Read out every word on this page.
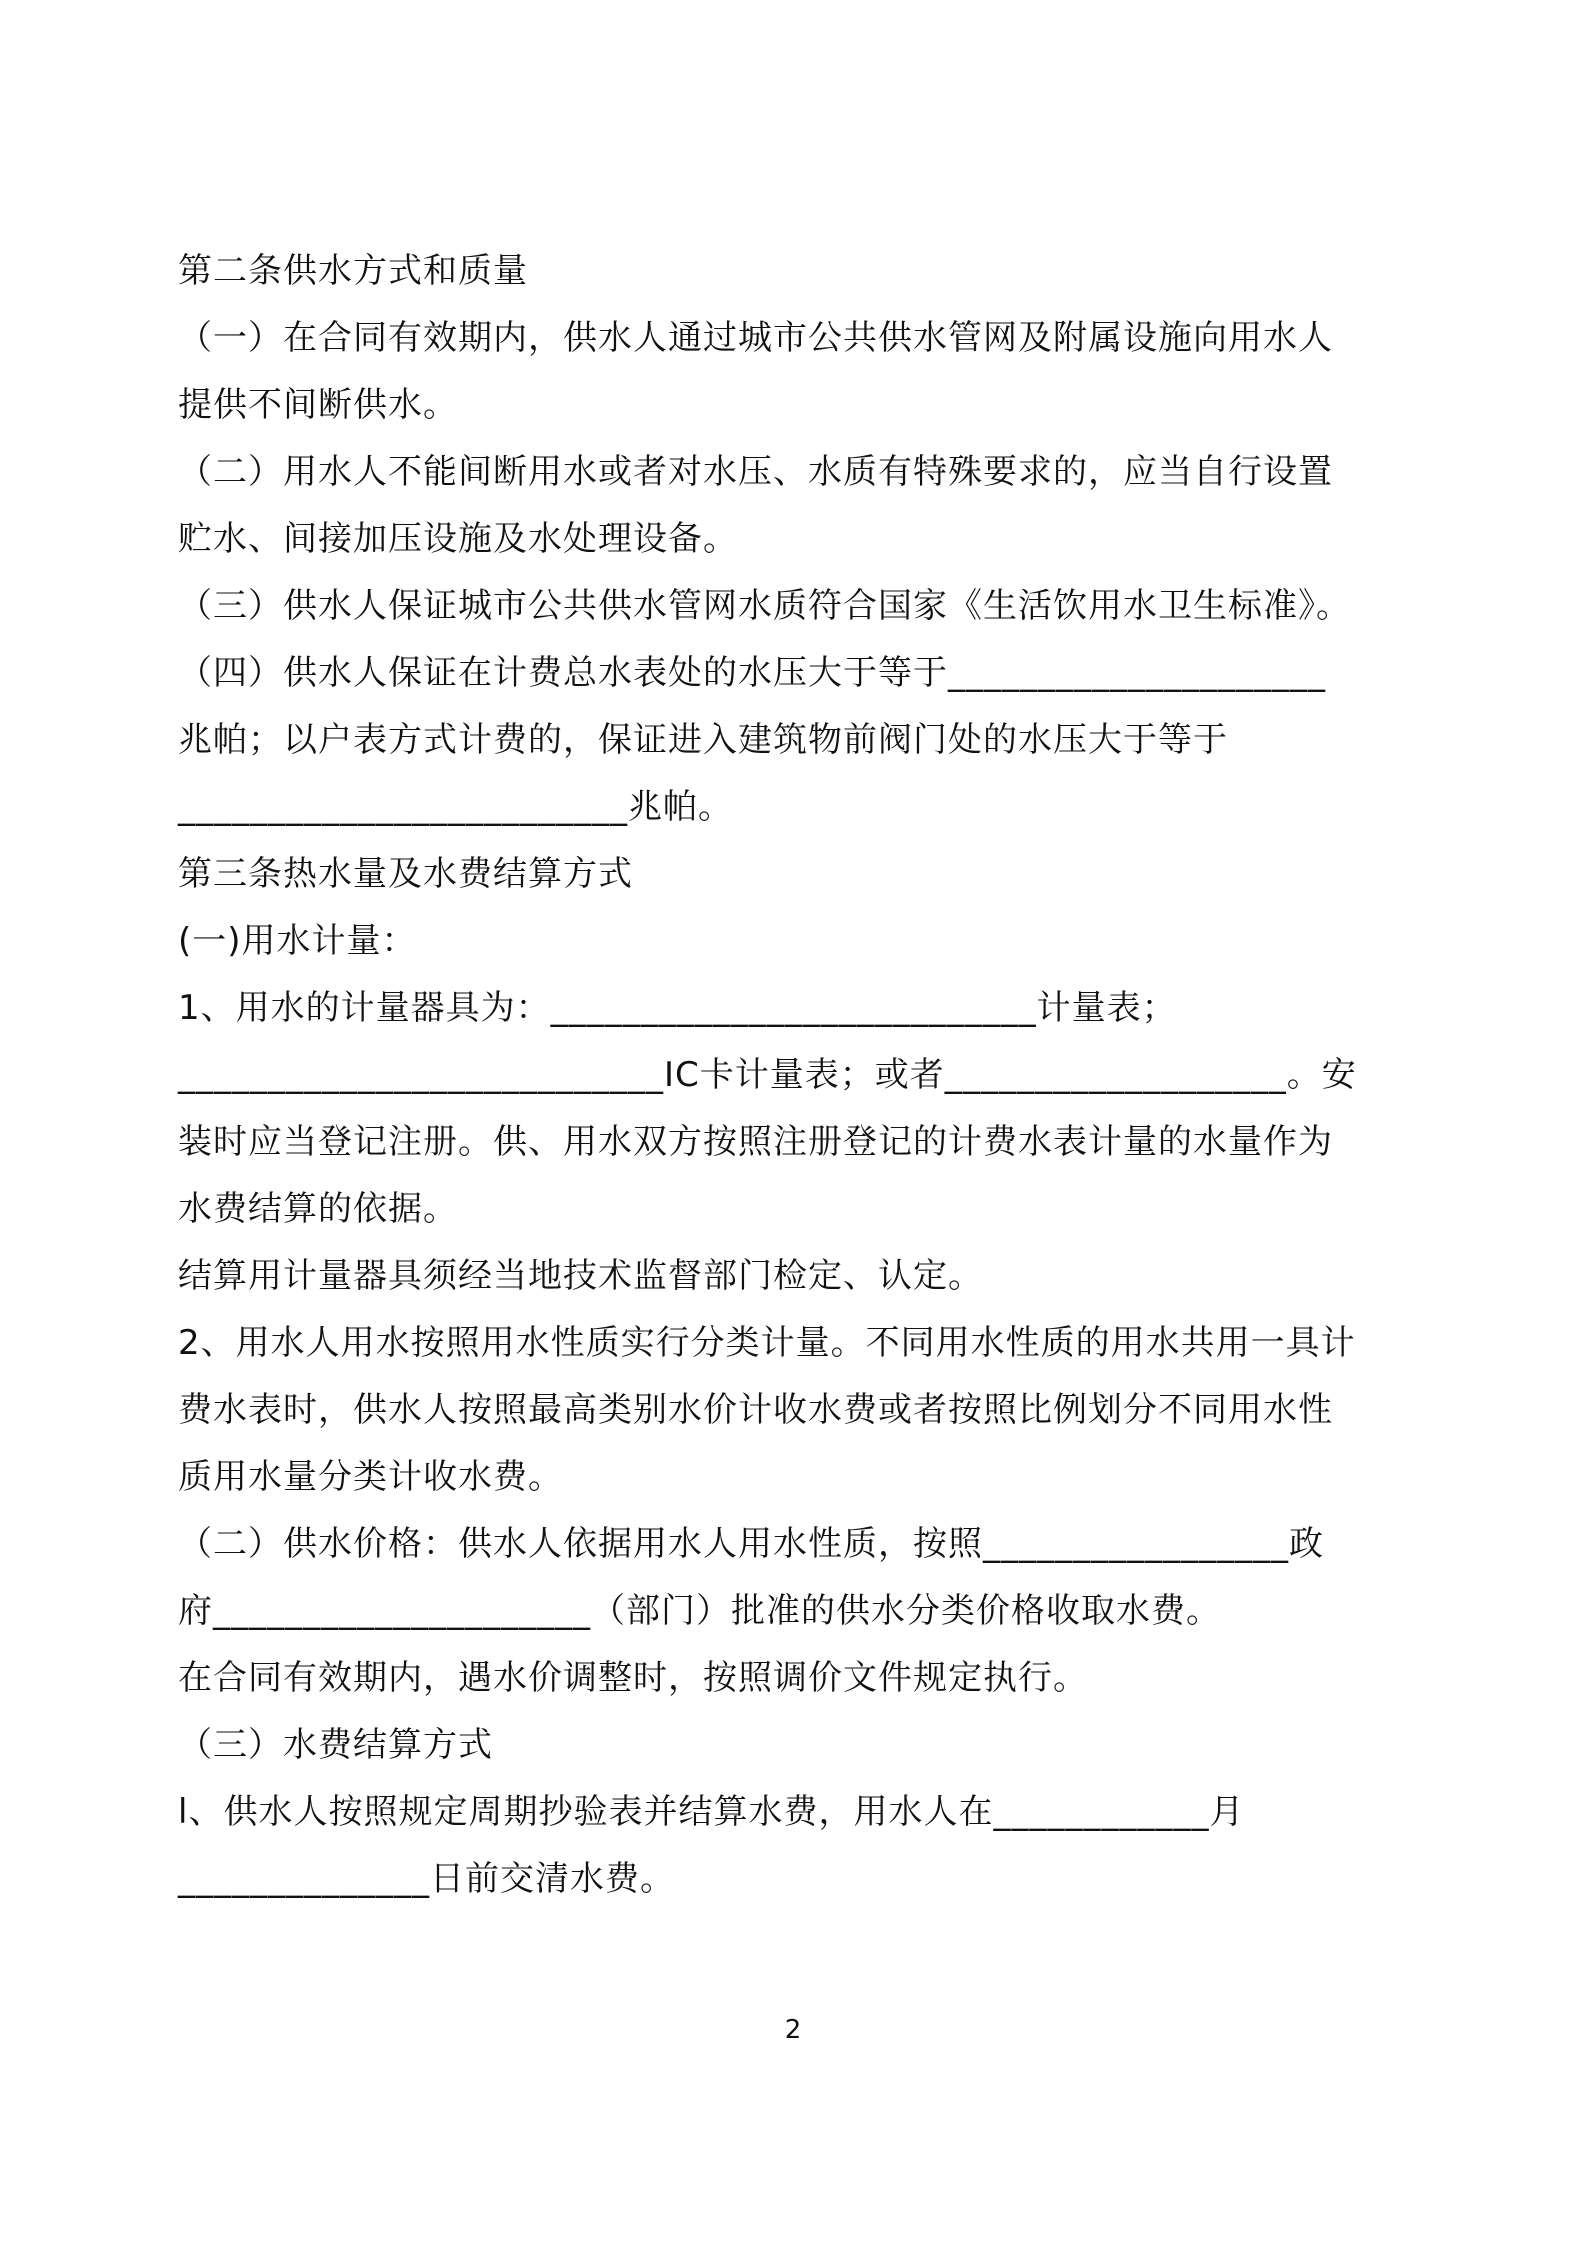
第二条供水方式和质量
（一）在合同有效期内，供水人通过城市公共供水管网及附属设施向用水人
提供不间断供水。
（二）用水人不能间断用水或者对水压、水质有特殊要求的，应当自行设置
贮水、间接加压设施及水处理设备。
（三）供水人保证城市公共供水管网水质符合国家《生活饮用水卫生标准》。
（四）供水人保证在计费总水表处的水压大于等于_____________________
兆帕；以户表方式计费的，保证进入建筑物前阀门处的水压大于等于
_________________________兆帕。
第三条热水量及水费结算方式
(一)用水计量：
1、用水的计量器具为：___________________________计量表；
___________________________IC卡计量表；或者___________________。安
装时应当登记注册。供、用水双方按照注册登记的计费水表计量的水量作为
水费结算的依据。
结算用计量器具须经当地技术监督部门检定、认定。
2、用水人用水按照用水性质实行分类计量。不同用水性质的用水共用一具计
费水表时，供水人按照最高类别水价计收水费或者按照比例划分不同用水性
质用水量分类计收水费。
（二）供水价格：供水人依据用水人用水性质，按照_________________政
府_____________________（部门）批准的供水分类价格收取水费。
在合同有效期内，遇水价调整时，按照调价文件规定执行。
（三）水费结算方式
l、供水人按照规定周期抄验表并结算水费，用水人在____________月
______________日前交清水费。
2
